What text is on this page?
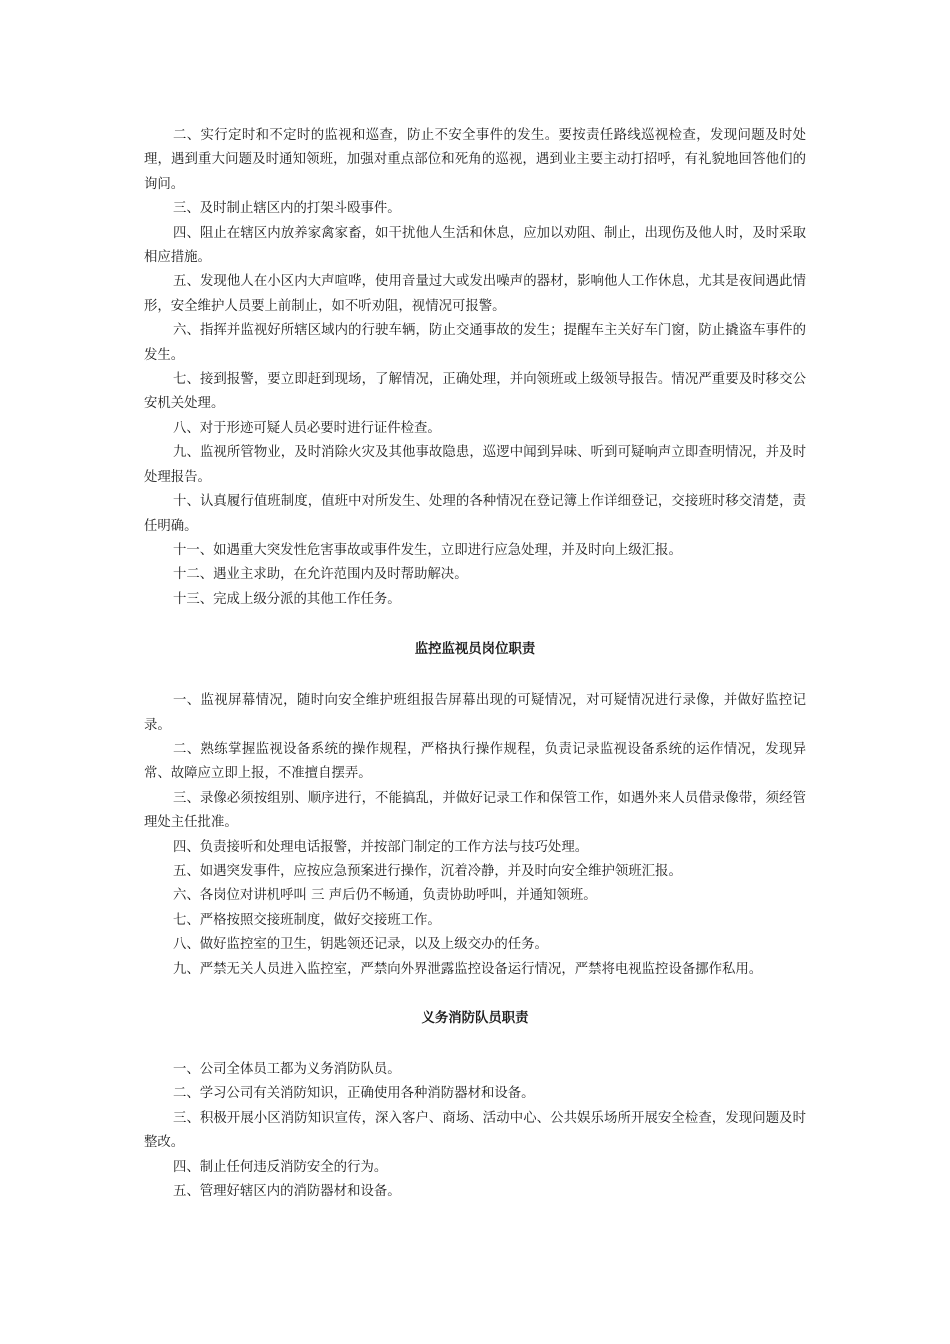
二、实行定时和不定时的监视和巡查，防止不安全事件的发生。要按责任路线巡视检查，发现问题及时处理，遇到重大问题及时通知领班，加强对重点部位和死角的巡视，遇到业主要主动打招呼，有礼貌地回答他们的询问。

三、及时制止辖区内的打架斗殴事件。

四、阻止在辖区内放养家禽家畜，如干扰他人生活和休息，应加以劝阻、制止，出现伤及他人时，及时采取相应措施。

五、发现他人在小区内大声喧哗，使用音量过大或发出噪声的器材，影响他人工作休息，尤其是夜间遇此情形，安全维护人员要上前制止，如不听劝阻，视情况可报警。

六、指挥并监视好所辖区域内的行驶车辆，防止交通事故的发生；提醒车主关好车门窗，防止撬盗车事件的发生。

七、接到报警，要立即赶到现场，了解情况，正确处理，并向领班或上级领导报告。情况严重要及时移交公安机关处理。

八、对于形迹可疑人员必要时进行证件检查。

九、监视所管物业，及时消除火灾及其他事故隐患，巡逻中闻到异味、听到可疑响声立即查明情况，并及时处理报告。

十、认真履行值班制度，值班中对所发生、处理的各种情况在登记簿上作详细登记，交接班时移交清楚，责任明确。

十一、如遇重大突发性危害事故或事件发生，立即进行应急处理，并及时向上级汇报。

十二、遇业主求助，在允许范围内及时帮助解决。

十三、完成上级分派的其他工作任务。

监控监视员岗位职责

一、监视屏幕情况，随时向安全维护班组报告屏幕出现的可疑情况，对可疑情况进行录像，并做好监控记录。

二、熟练掌握监视设备系统的操作规程，严格执行操作规程，负责记录监视设备系统的运作情况，发现异常、故障应立即上报，不准擅自摆弄。

三、录像必须按组别、顺序进行，不能搞乱，并做好记录工作和保管工作，如遇外来人员借录像带，须经管理处主任批准。

四、负责接听和处理电话报警，并按部门制定的工作方法与技巧处理。

五、如遇突发事件，应按应急预案进行操作，沉着冷静，并及时向安全维护领班汇报。

六、各岗位对讲机呼叫 三 声后仍不畅通，负责协助呼叫，并通知领班。

七、严格按照交接班制度，做好交接班工作。

八、做好监控室的卫生，钥匙领还记录，以及上级交办的任务。

九、严禁无关人员进入监控室，严禁向外界泄露监控设备运行情况，严禁将电视监控设备挪作私用。

义务消防队员职责

一、公司全体员工都为义务消防队员。

二、学习公司有关消防知识，正确使用各种消防器材和设备。

三、积极开展小区消防知识宣传，深入客户、商场、活动中心、公共娱乐场所开展安全检查，发现问题及时整改。

四、制止任何违反消防安全的行为。

五、管理好辖区内的消防器材和设备。
